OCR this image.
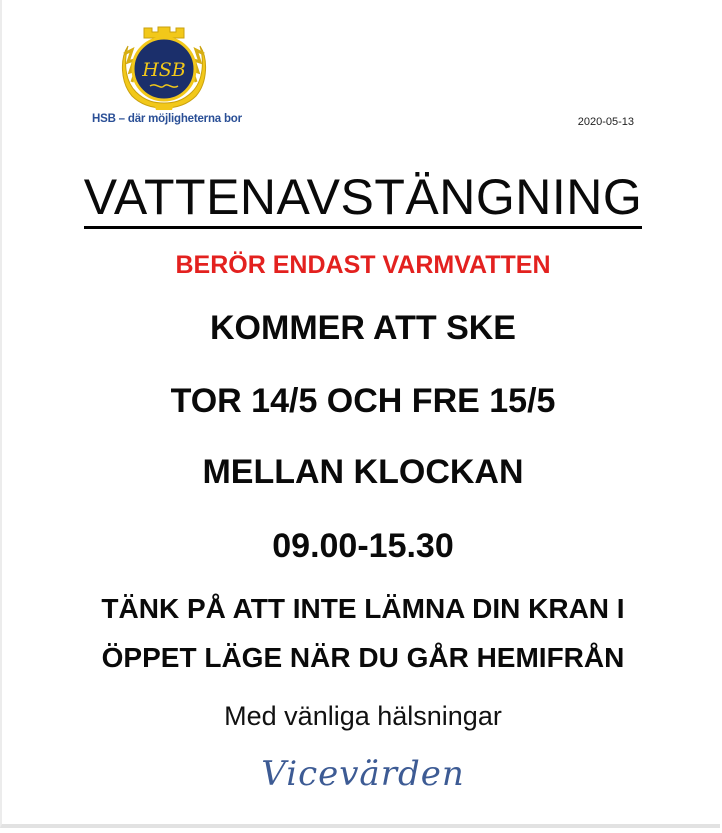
HSB
HSB – där möjligheterna bor	2020-05-13
VATTENAVSTÄNGNING
BERÖR ENDAST VARMVATTEN
KOMMER ATT SKE
TOR 14/5 OCH FRE 15/5
MELLAN KLOCKAN
09.00-15.30
TÄNK PÅ ATT INTE LÄMNA DIN KRAN I
ÖPPET LÄGE NÄR DU GÅR HEMIFRÅN
Med vänliga hälsningar
Vicevärden
